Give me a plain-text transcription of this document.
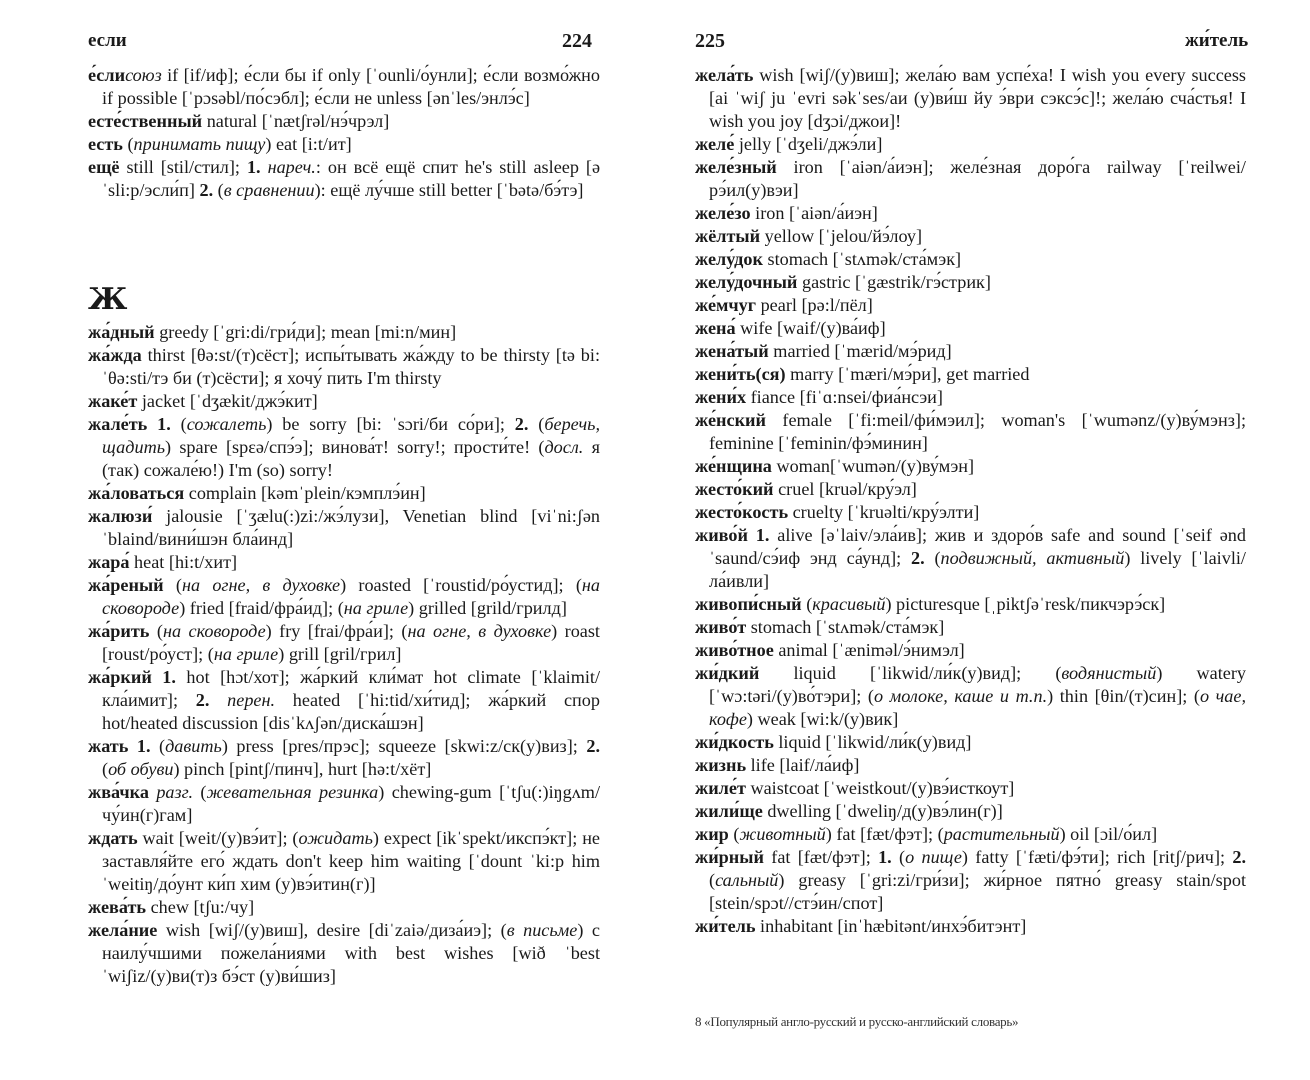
если	224
е́слисоюз if [if/иф]; е́сли бы if only [ˈounli/о́унли]; е́сли возмо́жно if possible [ˈpɔsəbl/по́сэбл]; е́сли не unless [ənˈles/энлэ́с]
есте́ственный natural [ˈnætʃrəl/нэ́чрэл]
есть (принимать пищу) eat [i:t/ит]
ещё still [stil/стил]; 1. нареч.: он всё ещё спит he's still asleep [əˈsli:p/эсли́п] 2. (в сравнении): ещё лу́чше still better [ˈbətə/бэ́тэ]
Ж
жа́дный greedy [ˈgri:di/гри́ди]; mean [mi:n/мин]
жа́жда thirst [θə:st/(т)сёст]; испы́тывать жа́жду to be thirsty [tə bi: ˈθə:sti/тэ би (т)сёсти]; я хочу́ пить I'm thirsty
жаке́т jacket [ˈdʒækit/джэ́кит]
жале́ть 1. (сожалеть) be sorry [bi: ˈsɔri/би со́ри]; 2. (беречь, щадить) spare [spɛə/спэ́э]; винова́т! sorry!; прости́те! (досл. я (так) сожале́ю!) I'm (so) sorry!
жа́ловаться complain [kəmˈplein/кэмплэ́ин]
жалюзи́ jalousie [ˈʒælu(:)zi:/жэ́лузи], Venetian blind [viˈni:ʃən ˈblaind/вини́шэн бла́инд]
жара́ heat [hi:t/хит]
жа́реный (на огне, в духовке) roasted [ˈroustid/ро́устид]; (на сковороде) fried [fraid/фра́ид]; (на гриле) grilled [grild/грилд]
жа́рить (на сковороде) fry [frai/фра́и]; (на огне, в духовке) roast [roust/ро́уст]; (на гриле) grill [gril/грил]
жа́ркий 1. hot [hɔt/хот]; жа́ркий кли́мат hot climate [ˈklaimit/кла́имит]; 2. перен. heated [ˈhi:tid/хи́тид]; жа́ркий спор hot/heated discussion [disˈkʌʃən/диска́шэн]
жать 1. (давить) press [pres/прэс]; squeeze [skwi:z/ск(у)виз]; 2. (об обуви) pinch [pintʃ/пинч], hurt [hə:t/хёт]
жва́чка разг. (жевательная резинка) chewing-gum [ˈtʃu(:)iŋgʌm/чу́ин(г)гам]
ждать wait [weit/(у)вэ́ит]; (ожидать) expect [ikˈspekt/икспэ́кт]; не заставля́йте его́ ждать don't keep him waiting [ˈdount ˈki:p him ˈweitiŋ/до́унт ки́п хим (у)вэ́итин(г)]
жева́ть chew [tʃu:/чу]
жела́ние wish [wiʃ/(у)виш], desire [diˈzaiə/диза́иэ]; (в письме) с наилу́чшими пожела́ниями with best wishes [wið ˈbest ˈwiʃiz/(у)ви(т)з бэ́ст (у)ви́шиз]
225	жи́тель
жела́ть wish [wiʃ/(у)виш]; жела́ю вам успе́ха! I wish you every success [ai ˈwiʃ ju ˈevri səkˈses/аи (у)ви́ш йу э́ври сэксэ́с]!; жела́ю сча́стья! I wish you joy [dʒɔi/джои]!
желе́ jelly [ˈdʒeli/джэ́ли]
желе́зный iron [ˈaiən/а́иэн]; желе́зная доро́га railway [ˈreilwei/рэ́ил(у)вэи]
желе́зо iron [ˈaiən/а́иэн]
жёлтый yellow [ˈjelou/йэ́лоу]
желу́док stomach [ˈstʌmək/ста́мэк]
желу́дочный gastric [ˈgæstrik/гэ́стрик]
же́мчуг pearl [pə:l/пёл]
жена́ wife [waif/(у)ва́иф]
жена́тый married [ˈmærid/мэ́рид]
жени́ть(ся) marry [ˈmæri/мэ́ри], get married
жени́х fiance [fiˈɑ:nsei/фиа́нсэи]
же́нский female [ˈfi:meil/фи́мэил]; woman's [ˈwumənz/(у)ву́мэнз]; feminine [ˈfeminin/фэ́минин]
же́нщина woman[ˈwumən/(у)ву́мэн]
жесто́кий cruel [kruəl/кру́эл]
жесто́кость cruelty [ˈkruəlti/кру́элти]
живо́й 1. alive [əˈlaiv/эла́ив]; жив и здоро́в safe and sound [ˈseif ənd ˈsaund/сэ́иф энд са́унд]; 2. (подвижный, активный) lively [ˈlaivli/ла́ивли]
живопи́сный (красивый) picturesque [ˌpiktʃəˈresk/пикчэрэ́ск]
живо́т stomach [ˈstʌmək/ста́мэк]
живо́тное animal [ˈænimǝl/э́нимэл]
жи́дкий liquid [ˈlikwid/ли́к(у)вид]; (водянистый) watery [ˈwɔ:təri/(у)во́тэри]; (о молоке, каше и т.п.) thin [θin/(т)син]; (о чае, кофе) weak [wi:k/(у)вик]
жи́дкость liquid [ˈlikwid/ли́к(у)вид]
жизнь life [laif/ла́иф]
жиле́т waistcoat [ˈweistkout/(у)вэ́исткоут]
жили́ще dwelling [ˈdweliŋ/д(у)вэ́лин(г)]
жир (животный) fat [fæt/фэт]; (растительный) oil [ɔil/о́ил]
жи́рный fat [fæt/фэт]; 1. (о пище) fatty [ˈfæti/фэ́ти]; rich [ritʃ/рич]; 2. (сальный) greasy [ˈgri:zi/гри́зи]; жи́рное пятно́ greasy stain/spot [stein/spɔt//стэ́ин/спот]
жи́тель inhabitant [inˈhæbitənt/инхэ́битэнт]
8 «Популярный англо-русский и русско-английский словарь»
